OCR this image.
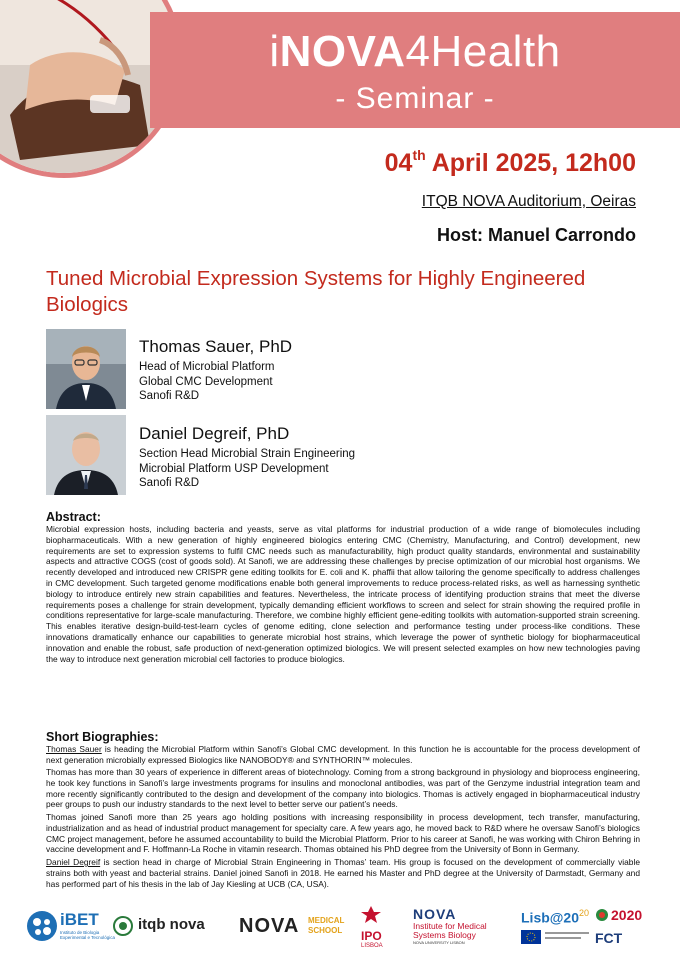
iNOVA4Health
- Seminar -
04th April 2025, 12h00
ITQB NOVA Auditorium, Oeiras
Host: Manuel Carrondo
Tuned Microbial Expression Systems for Highly Engineered Biologics
Thomas Sauer, PhD
Head of Microbial Platform
Global CMC Development
Sanofi R&D
Daniel Degreif, PhD
Section Head Microbial Strain Engineering
Microbial Platform USP Development
Sanofi R&D
Abstract:
Microbial expression hosts, including bacteria and yeasts, serve as vital platforms for industrial production of a wide range of biomolecules including biopharmaceuticals. With a new generation of highly engineered biologics entering CMC (Chemistry, Manufacturing, and Control) development, new requirements are set to expression systems to fulfil CMC needs such as manufacturability, high product quality standards, environmental and sustainability aspects and attractive COGS (cost of goods sold). At Sanofi, we are addressing these challenges by precise optimization of our microbial host organisms. We recently developed and introduced new CRISPR gene editing toolkits for E. coli and K. phaffii that allow tailoring the genome specifically to address challenges in CMC development. Such targeted genome modifications enable both general improvements to reduce process-related risks, as well as harnessing synthetic biology to introduce entirely new strain capabilities and features. Nevertheless, the intricate process of identifying production strains that meet the diverse requirements poses a challenge for strain development, typically demanding efficient workflows to screen and select for strain showing the required profile in conditions representative for large-scale manufacturing. Therefore, we combine highly efficient gene-editing toolkits with automation-supported strain screening. This enables iterative design-build-test-learn cycles of genome editing, clone selection and performance testing under process-like conditions. These innovations dramatically enhance our capabilities to generate microbial host strains, which leverage the power of synthetic biology for biopharmaceutical innovation and enable the robust, safe production of next-generation optimized biologics. We will present selected examples on how new technologies paving the way to introduce next generation microbial cell factories to produce biologics.
Short Biographies:
Thomas Sauer is heading the Microbial Platform within Sanofi’s Global CMC development. In this function he is accountable for the process development of next generation microbially expressed Biologics like NANOBODY® and SYNTHORIN™ molecules.
Thomas has more than 30 years of experience in different areas of biotechnology. Coming from a strong background in physiology and bioprocess engineering, he took key functions in Sanofi’s large investments programs for insulins and monoclonal antibodies, was part of the Genzyme industrial integration team and more recently significantly contributed to the design and development of the company into biologics. Thomas is actively engaged in biopharmaceutical industry peer groups to push our industry standards to the next level to better serve our patient’s needs.
Thomas joined Sanofi more than 25 years ago holding positions with increasing responsibility in process development, tech transfer, manufacturing, industrialization and as head of industrial product management for specialty care. A few years ago, he moved back to R&D where he oversaw Sanofi’s biologics CMC project management, before he assumed accountability to build the Microbial Platform. Prior to his career at Sanofi, he was working with Chiron Behring in vaccine development and F. Hoffmann-La Roche in vitamin research. Thomas obtained his PhD degree from the University of Bonn in Germany.
Daniel Degreif is section head in charge of Microbial Strain Engineering in Thomas’ team. His group is focused on the development of commercially viable strains both with yeast and bacterial strains. Daniel joined Sanofi in 2018. He earned his Master and PhD degree at the University of Darmstadt, Germany and has performed part of his thesis in the lab of Jay Kiesling at UCB (CA, USA).
iBET
Instituto de Biologia Experimental e Tecnológica
itqb nova NOVA MEDICAL
SCHOOL IPO
LISBOA
NOVA
Institute for Medical
Systems Biology
NOVA UNIVERSITY LISBON
$Lisb@20^{20}$ 2020
FCT
